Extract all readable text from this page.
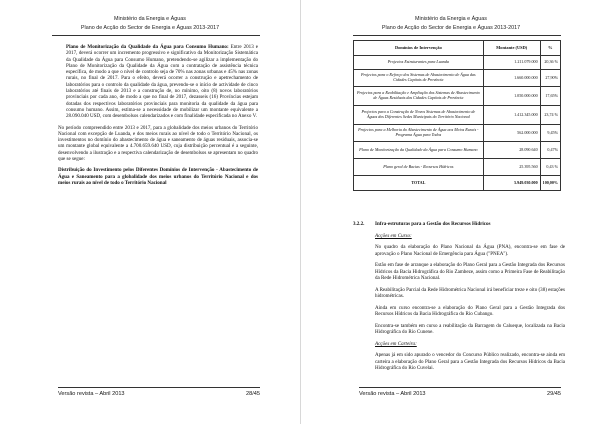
Ministério da Energia e Águas
Plano de Acção do Sector de Energia e Águas 2013-2017

Plano de Monitorização da Qualidade da Água para Consumo Humano: Entre 2013 e 2017, deverá ocorrer um incremento progressivo e significativo da Monitorização Sistemática da Qualidade da Água para Consumo Humano, pretendendo-se agilizar a implementação do Plano de Monitorização da Qualidade da Água com a contratação de assistência técnica específica, de modo a que o nível de controlo seja de 70% nas zonas urbanas e 45% nas zonas rurais, no final de 2017. Para o efeito, deverá ocorrer a construção e apetrechamento de laboratórios para o controlo da qualidade da água, prevendo-se o início de actividade de cinco laboratórios até finais de 2013 e a construção de, no mínimo, oito (8) novos laboratórios provinciais por cada ano, de modo a que no final de 2017, dezasseis (16) Províncias estejam dotadas dos respectivos laboratórios provinciais para monitoria da qualidade da água para consumo humano. Assim, estima-se a necessidade de mobilizar um montante equivalente a 28.090.040 USD, com desembolsos calendarizados e com finalidade especificada no Anexo V.

No período compreendido entre 2013 e 2017, para a globalidade dos meios urbanos do Território Nacional com excepção de Luanda, e dos meios rurais ao nível de todo o Território Nacional, os investimentos no domínio do abastecimento de água e saneamento de águas residuais, associa-se um montante global equivalente a 4.700.659.640 USD, cuja distribuição percentual é a seguinte, desenvolvendo a ilustração e a respectiva calendarização de desembolsos se apresentam no quadro que se segue:

Distribuição do Investimento pelos Diferentes Domínios de Intervenção - Abastecimento de Água e Saneamento para a globalidade dos meios urbanos do Território Nacional e dos meios rurais ao nível de todo o Território Nacional

Versão revista – Abril 2013	28/45
Ministério da Energia e Águas
Plano de Acção do Sector de Energia e Águas 2013-2017
Domínios de Intervenção	Montante (USD)	%
Projectos Estruturantes para Luanda	1.211.079.000	20,36 %
Projectos para o Reforço dos Sistemas de Abastecimento de Água das Cidades Capitais de Província	1.660.000.000	27,90%
Projectos para a Reabilitação e Ampliação dos Sistemas de Abastecimento de Águas Residuais das Cidades Capitais de Província	1.050.000.000	17,65%
Projectos para a Construção de Novos Sistemas de Abastecimento de Águas dos Diferentes Sedes Municipais do Território Nacional	1.412.345.000	23,74 %
Projectos para a Melhoria do Abastecimento de Água aos Meios Rurais - Programa Água para Todos	562.000.000	9,45%
Plano de Monitorização da Qualidade da Água para Consumo Humano	28.090.640	0,47%
Plano geral de Bacias - Recursos Hídricos	25.395.560	0,43 %
TOTAL	5.949.030.000	100,00%
3.2.2. Infra-estruturas para a Gestão dos Recursos Hídricos

Acções em Curso:

No quadro da elaboração do Plano Nacional da Água (PNA), encontra-se em fase de aprovação o Plano Nacional de Emergência para Água ("PNEA").

Estão em fase de arranque a elaboração do Plano Geral para a Gestão Integrada dos Recursos Hídricos da Bacia Hidrográfica do Rio Zambeze, assim como a Primeira Fase de Reabilitação da Rede Hidrométrica Nacional.

A Reabilitação Parcial da Rede Hidrométrica Nacional irá beneficiar treze e oito (38) estações hidrométricas.

Ainda em curso encontra-se a elaboração do Plano Geral para a Gestão Integrada dos Recursos Hídricos da Bacia Hidrográfica do Rio Cubango.

Encontra-se também em curso a reabilitação da Barragem do Calueque, localizada na Bacia Hidrográfica do Rio Cunene.

Acções em Carteira:

Apenas já em sido apurado o vencedor do Concurso Público realizado, encontra-se ainda em carteira a elaboração do Plano Geral para a Gestão Integrada dos Recursos Hídricos da Bacia Hidrográfica do Rio Cuvelai.

Versão revista – Abril 2013	29/45
